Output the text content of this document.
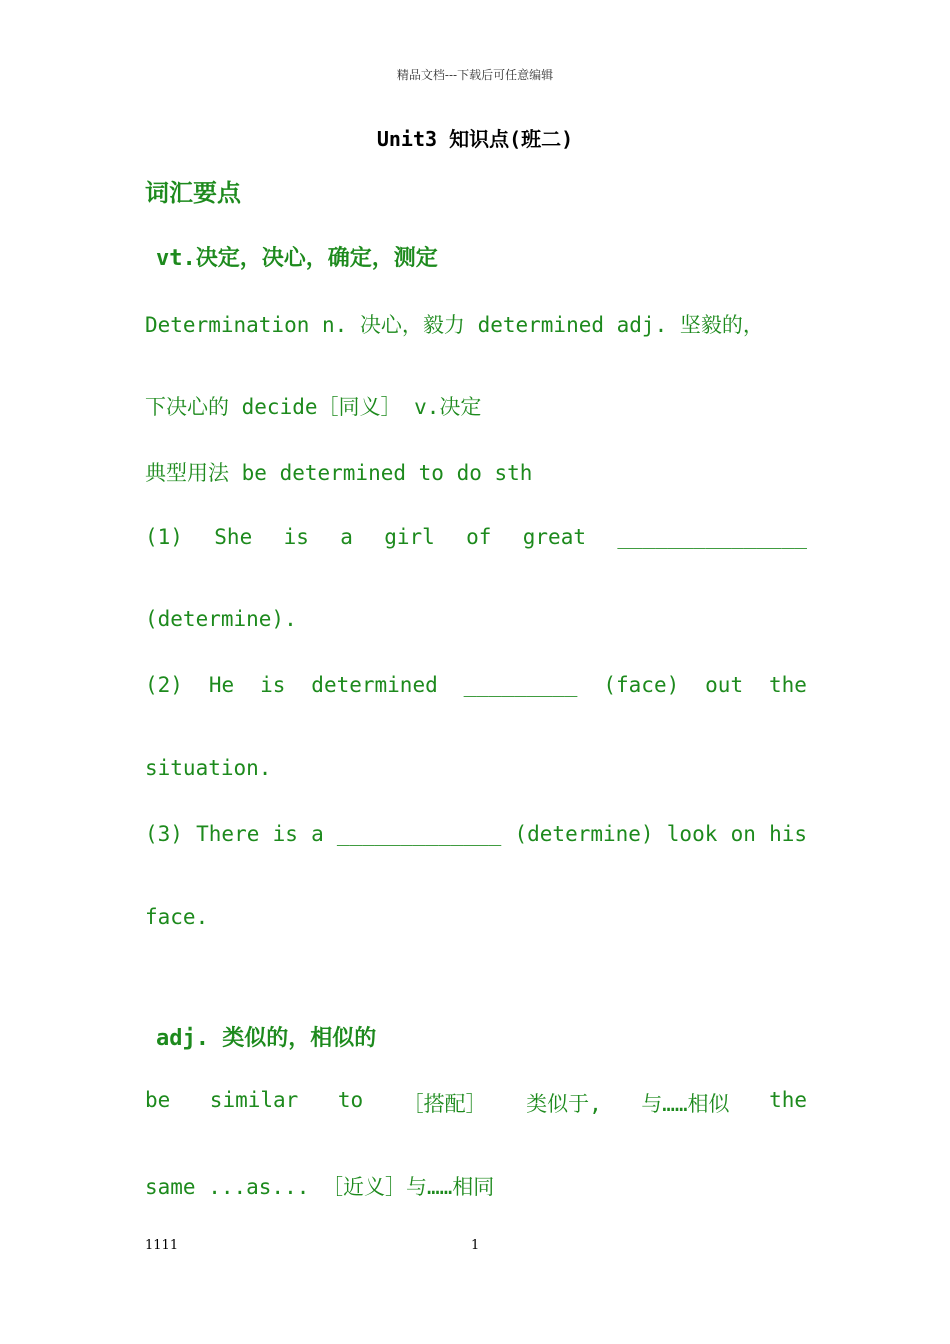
精品文档---下载后可任意编辑
Unit3 知识点(班二)
词汇要点
vt.决定，决心，确定，测定
Determination n. 决心，毅力 determined adj. 坚毅的，
下决心的 decide［同义］ v.决定
典型用法 be determined to do sth
(1) She is a girl of great _______________
(determine).
(2) He is determined _________ (face) out the
situation.
(3) There is a _____________ (determine) look on his
face.
adj. 类似的，相似的
be similar to ［搭配］ 类似于, 与……相似 the
same ...as... ［近义］与……相同
1111	1
